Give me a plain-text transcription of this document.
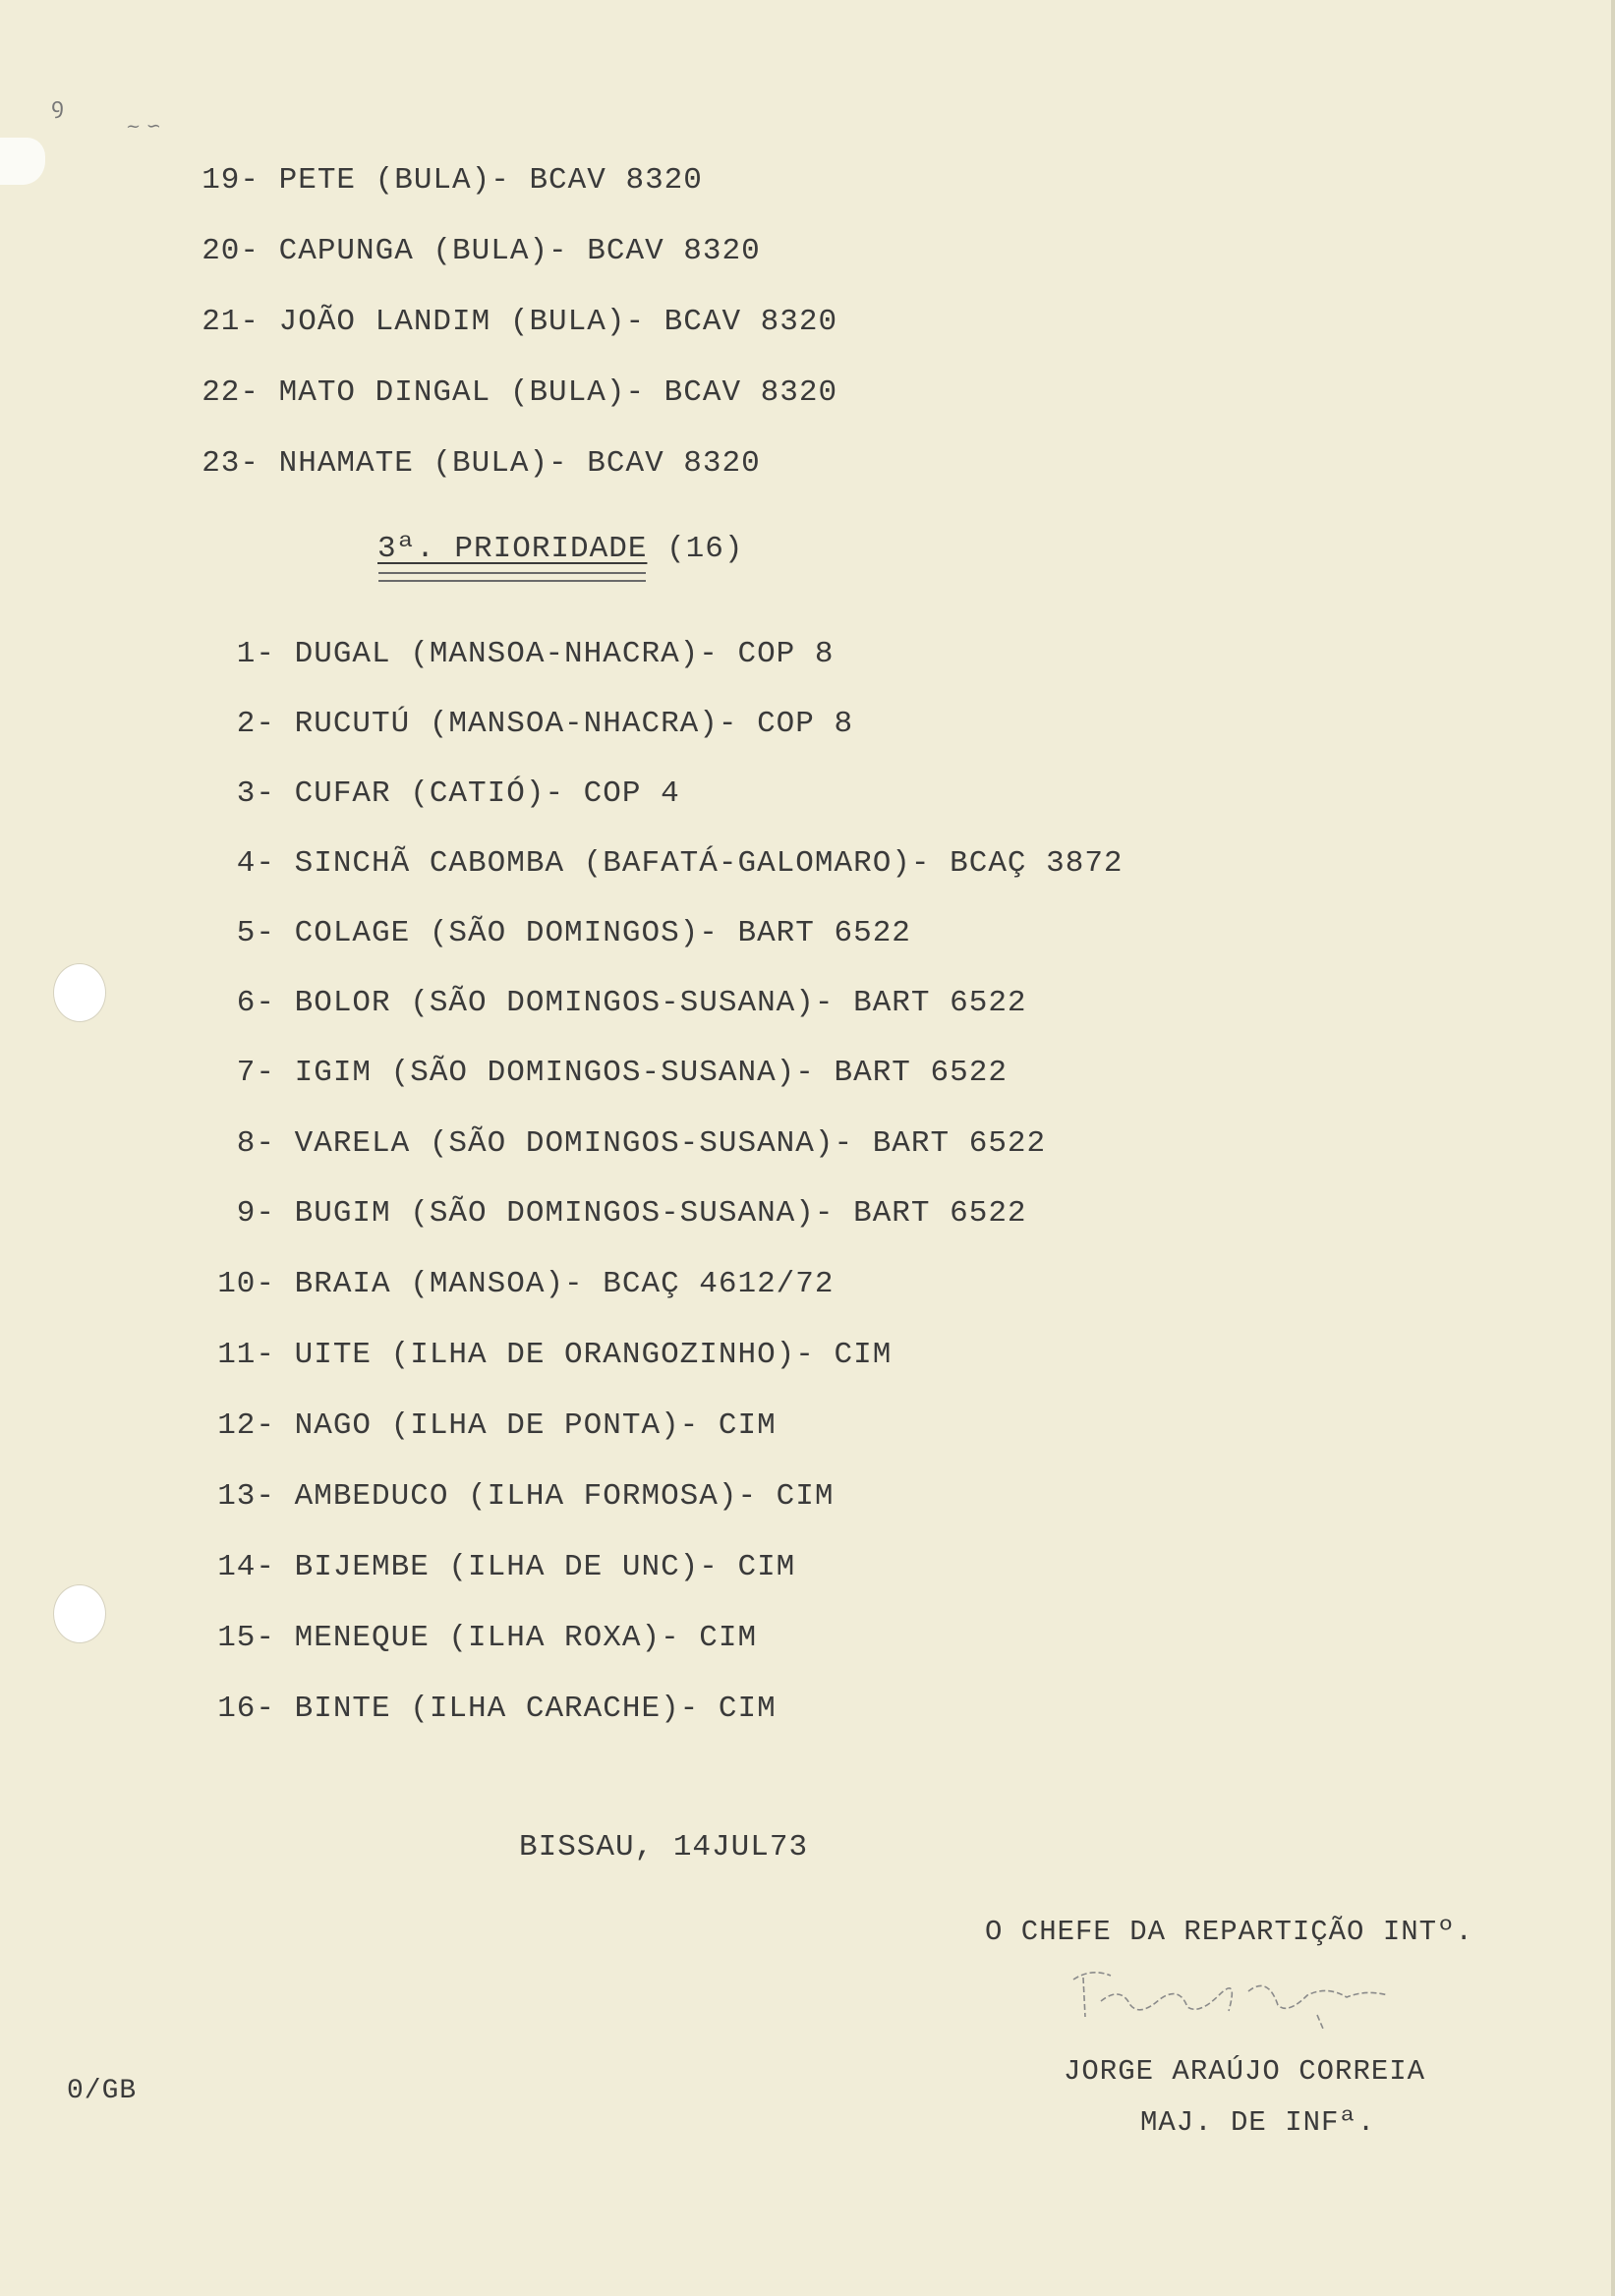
ꝯ
~ ∽
19- PETE (BULA)- BCAV 8320
20- CAPUNGA (BULA)- BCAV 8320
21- JOÃO LANDIM (BULA)- BCAV 8320
22- MATO DINGAL (BULA)- BCAV 8320
23- NHAMATE (BULA)- BCAV 8320
3ª. PRIORIDADE (16)
1- DUGAL (MANSOA-NHACRA)- COP 8
2- RUCUTÚ (MANSOA-NHACRA)- COP 8
3- CUFAR (CATIÓ)- COP 4
4- SINCHÃ CABOMBA (BAFATÁ-GALOMARO)- BCAÇ 3872
5- COLAGE (SÃO DOMINGOS)- BART 6522
6- BOLOR (SÃO DOMINGOS-SUSANA)- BART 6522
7- IGIM (SÃO DOMINGOS-SUSANA)- BART 6522
8- VARELA (SÃO DOMINGOS-SUSANA)- BART 6522
9- BUGIM (SÃO DOMINGOS-SUSANA)- BART 6522
10- BRAIA (MANSOA)- BCAÇ 4612/72
11- UITE (ILHA DE ORANGOZINHO)- CIM
12- NAGO (ILHA DE PONTA)- CIM
13- AMBEDUCO (ILHA FORMOSA)- CIM
14- BIJEMBE (ILHA DE UNC)- CIM
15- MENEQUE (ILHA ROXA)- CIM
16- BINTE (ILHA CARACHE)- CIM
BISSAU, 14JUL73
O CHEFE DA REPARTIÇÃO INTº.
JORGE ARAÚJO CORREIA
MAJ. DE INFª.
0/GB
